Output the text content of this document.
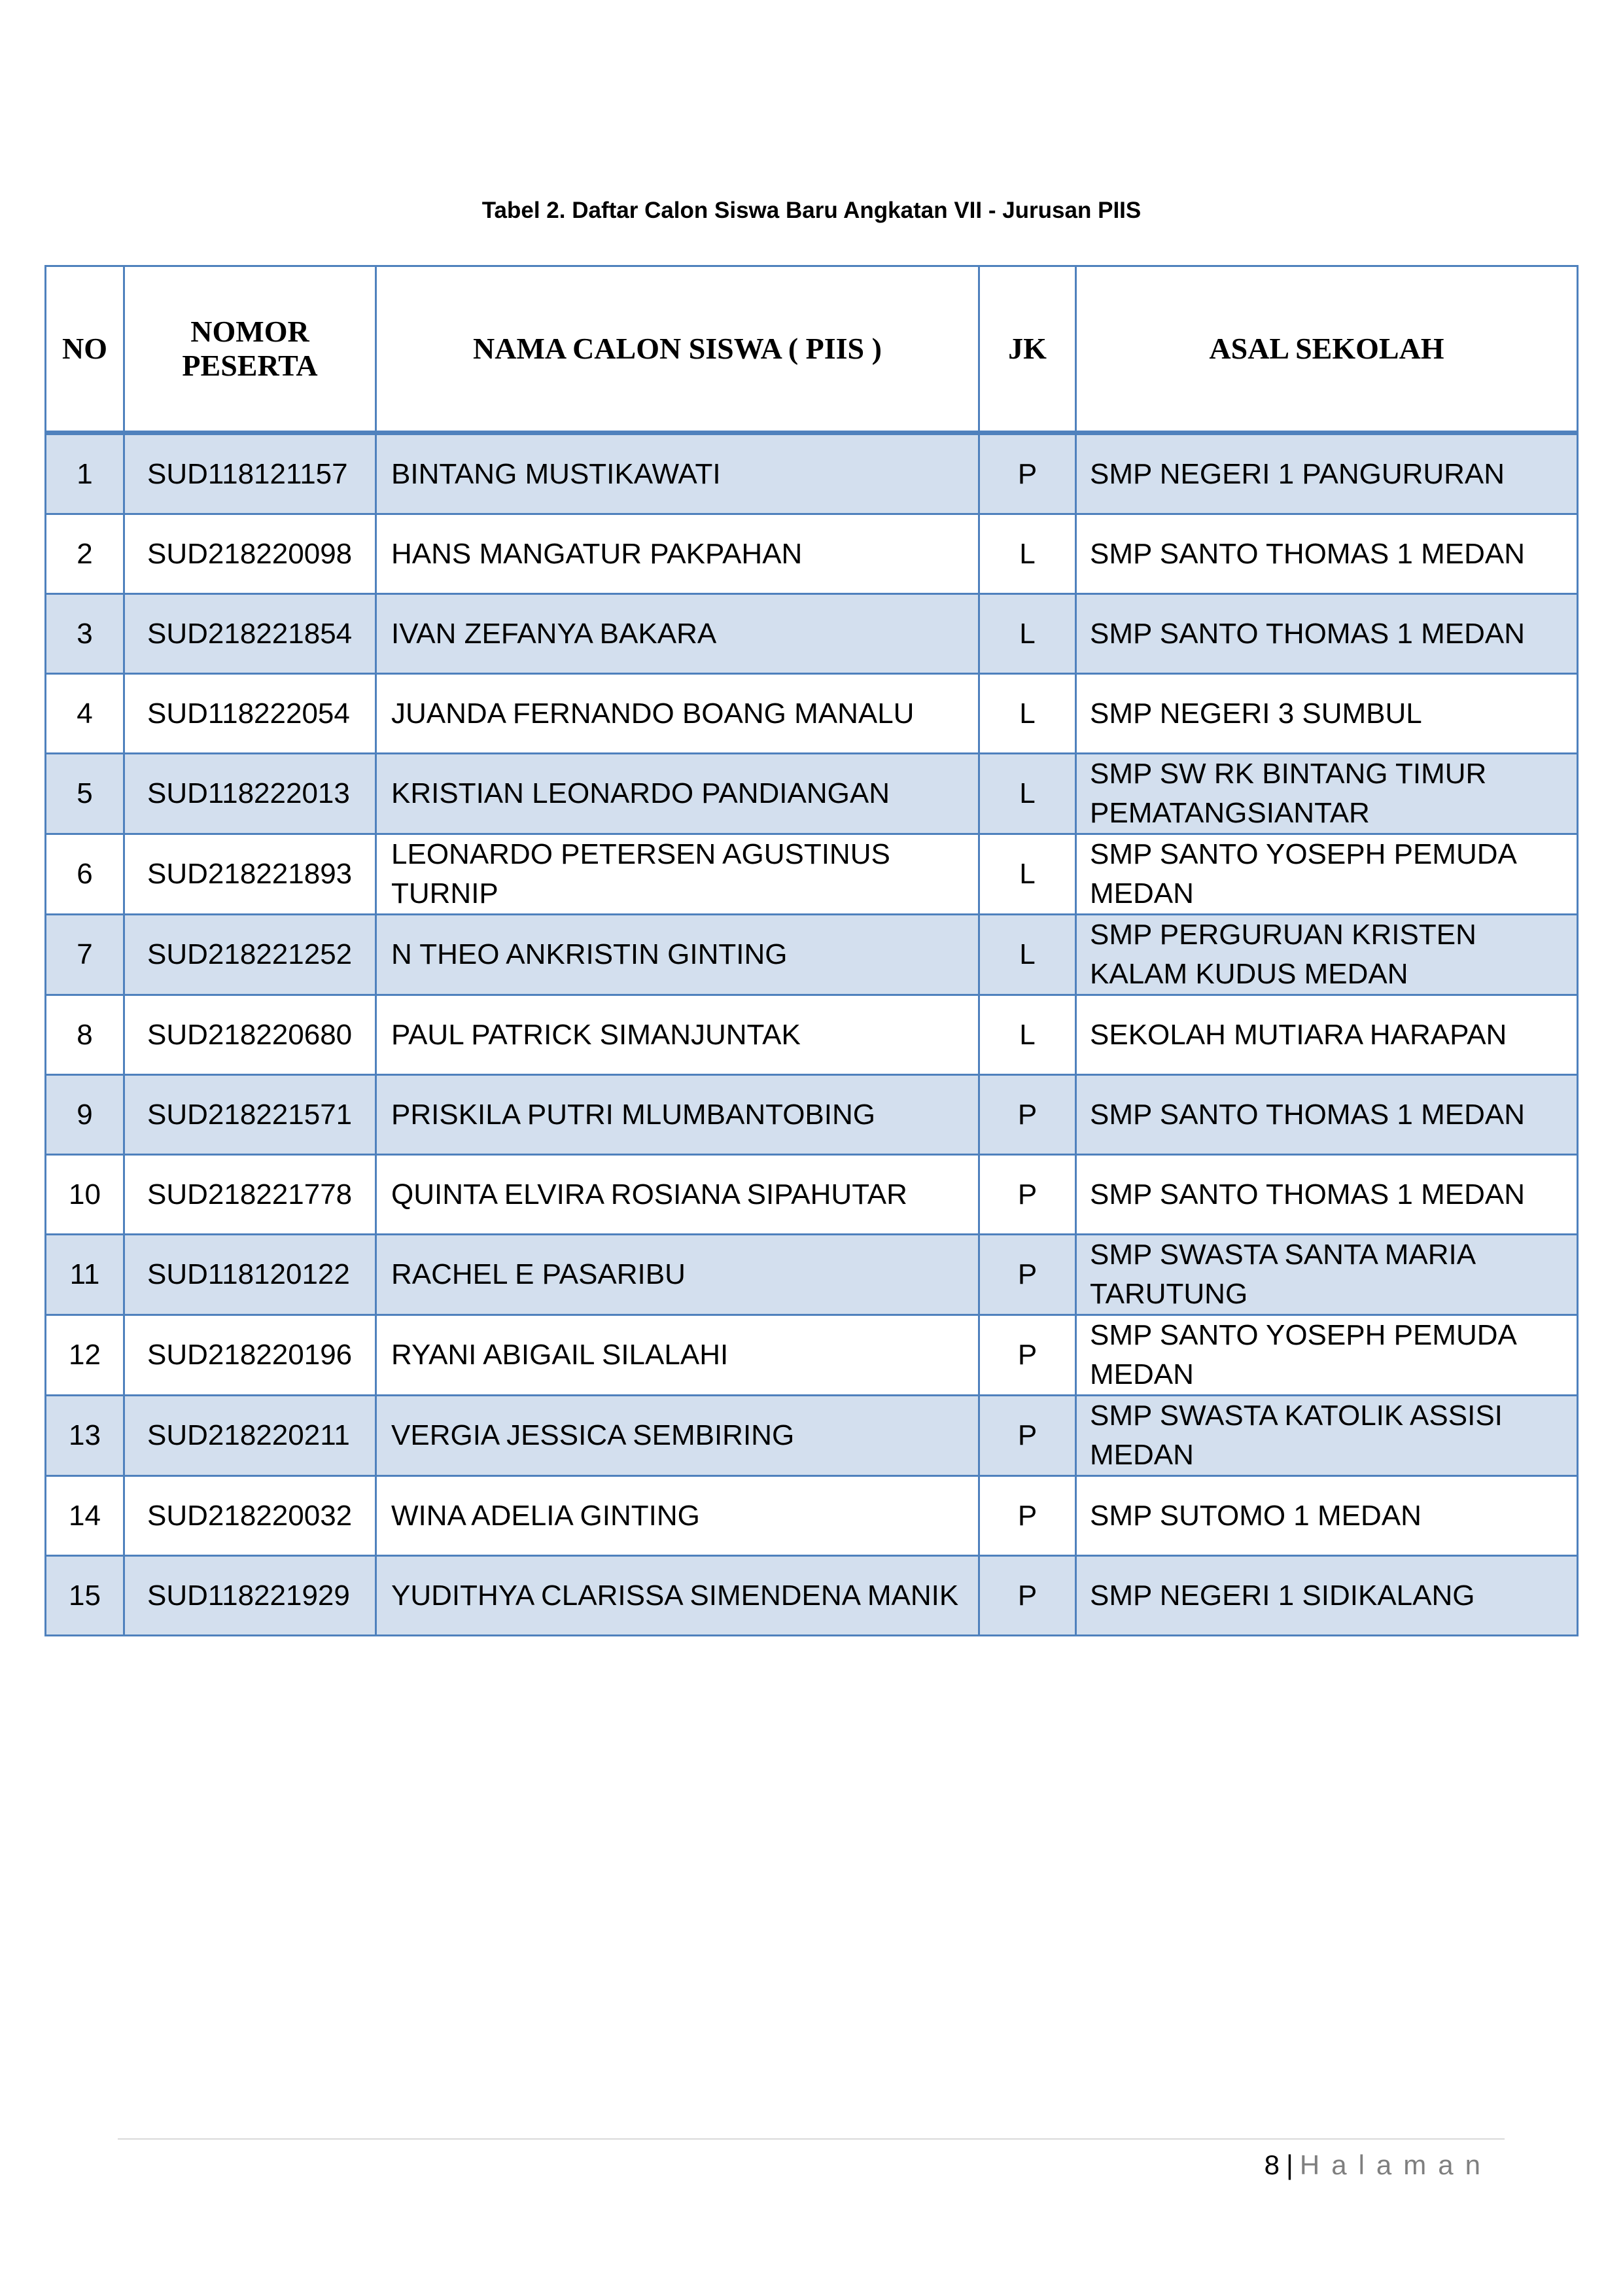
Tabel 2. Daftar Calon Siswa Baru Angkatan VII - Jurusan PIIS
NO	NOMOR PESERTA	NAMA CALON SISWA ( PIIS )	JK	ASAL SEKOLAH
1	SUD118121157	BINTANG MUSTIKAWATI	P	SMP NEGERI 1 PANGURURAN
2	SUD218220098	HANS MANGATUR PAKPAHAN	L	SMP SANTO THOMAS 1 MEDAN
3	SUD218221854	IVAN ZEFANYA BAKARA	L	SMP SANTO THOMAS 1 MEDAN
4	SUD118222054	JUANDA FERNANDO BOANG MANALU	L	SMP NEGERI 3 SUMBUL
5	SUD118222013	KRISTIAN LEONARDO PANDIANGAN	L	SMP SW RK BINTANG TIMUR PEMATANGSIANTAR
6	SUD218221893	LEONARDO PETERSEN AGUSTINUS TURNIP	L	SMP SANTO YOSEPH PEMUDA MEDAN
7	SUD218221252	N THEO ANKRISTIN GINTING	L	SMP PERGURUAN KRISTEN KALAM KUDUS MEDAN
8	SUD218220680	PAUL PATRICK SIMANJUNTAK	L	SEKOLAH MUTIARA HARAPAN
9	SUD218221571	PRISKILA PUTRI MLUMBANTOBING	P	SMP SANTO THOMAS 1 MEDAN
10	SUD218221778	QUINTA ELVIRA ROSIANA SIPAHUTAR	P	SMP SANTO THOMAS 1 MEDAN
11	SUD118120122	RACHEL E PASARIBU	P	SMP SWASTA SANTA MARIA TARUTUNG
12	SUD218220196	RYANI ABIGAIL SILALAHI	P	SMP SANTO YOSEPH PEMUDA MEDAN
13	SUD218220211	VERGIA JESSICA SEMBIRING	P	SMP SWASTA KATOLIK ASSISI MEDAN
14	SUD218220032	WINA ADELIA GINTING	P	SMP SUTOMO 1 MEDAN
15	SUD118221929	YUDITHYA CLARISSA SIMENDENA MANIK	P	SMP NEGERI 1 SIDIKALANG
8 | Halaman
